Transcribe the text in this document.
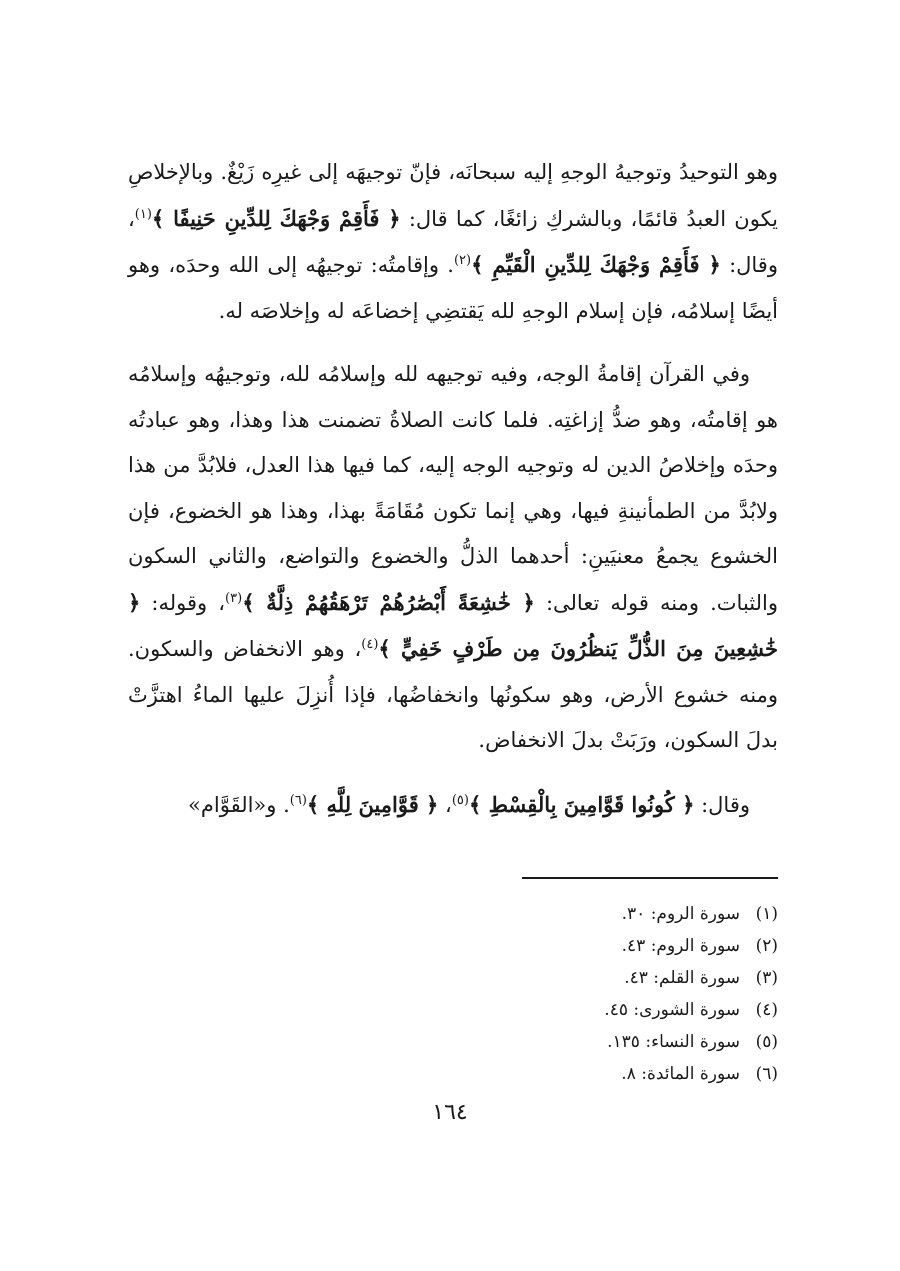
وهو التوحيدُ وتوجيهُ الوجهِ إليه سبحانَه، فإنّ توجيهَه إلى غيرِه زَيْغٌ. وبالإخلاصِ يكون العبدُ قائمًا، وبالشركِ زائغًا، كما قال: ﴿ فَأَقِمْ وَجْهَكَ لِلدِّينِ حَنِيفًا ﴾$^{(١)}$، وقال: ﴿ فَأَقِمْ وَجْهَكَ لِلدِّينِ الْقَيِّمِ ﴾$^{(٢)}$. وإقامتُه: توجيهُه إلى الله وحدَه، وهو أيضًا إسلامُه، فإن إسلام الوجهِ لله يَقتضِي إخضاعَه له وإخلاصَه له.

وفي القرآن إقامةُ الوجه، وفيه توجيهه لله وإسلامُه لله، وتوجيهُه وإسلامُه هو إقامتُه، وهو ضدُّ إزاغتِه. فلما كانت الصلاةُ تضمنت هذا وهذا، وهو عبادتُه وحدَه وإخلاصُ الدين له وتوجيه الوجه إليه، كما فيها هذا العدل، فلابُدَّ من هذا ولابُدَّ من الطمأنينةِ فيها، وهي إنما تكون مُقَامَةً بهذا، وهذا هو الخضوع، فإن الخشوع يجمعُ معنيَينِ: أحدهما الذلُّ والخضوع والتواضع، والثاني السكون والثبات. ومنه قوله تعالى: ﴿ خَٰشِعَةً أَبْصَٰرُهُمْ تَرْهَقُهُمْ ذِلَّةٌ ﴾$^{(٣)}$، وقوله: ﴿ خَٰشِعِينَ مِنَ الذُّلِّ يَنظُرُونَ مِن طَرْفٍ خَفِيٍّ ﴾$^{(٤)}$، وهو الانخفاض والسكون. ومنه خشوع الأرض، وهو سكونُها وانخفاضُها، فإذا أُنزِلَ عليها الماءُ اهتزَّتْ بدلَ السكون، ورَبَتْ بدلَ الانخفاض.

وقال: ﴿ كُونُوا قَوَّامِينَ بِالْقِسْطِ ﴾$^{(٥)}$، ﴿ قَوَّامِينَ لِلَّهِ ﴾$^{(٦)}$. و«القَوَّام»

(١)
سورة الروم: ٣٠.
(٢)
سورة الروم: ٤٣.
(٣)
سورة القلم: ٤٣.
(٤)
سورة الشورى: ٤٥.
(٥)
سورة النساء: ١٣٥.
(٦)
سورة المائدة: ٨.
١٦٤
